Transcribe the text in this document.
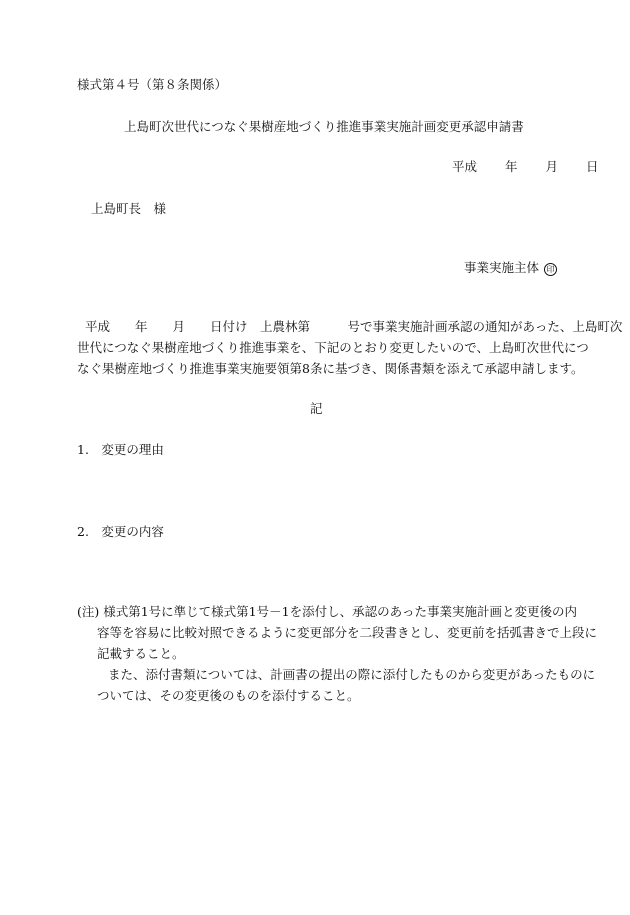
様式第４号（第８条関係）
上島町次世代につなぐ果樹産地づくり推進事業実施計画変更承認申請書
平成 年 月 日
上島町長　様
事業実施主体 印
平成　　年　　月　　日付け　上農林第　　　号で事業実施計画承認の通知があった、上島町次
世代につなぐ果樹産地づくり推進事業を、下記のとおり変更したいので、上島町次世代につ
なぐ果樹産地づくり推進事業実施要領第8条に基づき、関係書類を添えて承認申請します。
記
1.　変更の理由
2.　変更の内容
(注) 様式第1号に準じて様式第1号－1を添付し、承認のあった事業実施計画と変更後の内
容等を容易に比較対照できるように変更部分を二段書きとし、変更前を括弧書きで上段に
記載すること。
また、添付書類については、計画書の提出の際に添付したものから変更があったものに
ついては、その変更後のものを添付すること。
